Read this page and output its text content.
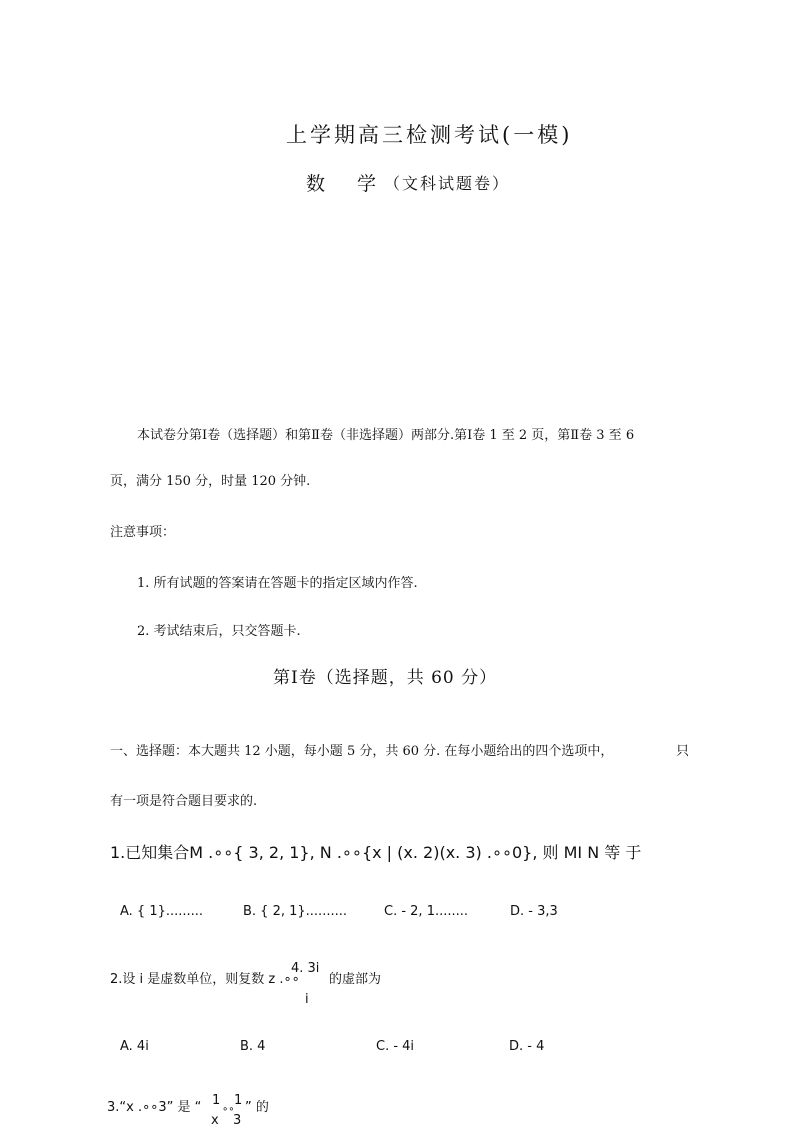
上学期高三检测考试(一模)
数 学 （文科试题卷）
本试卷分第Ⅰ卷（选择题）和第Ⅱ卷（非选择题）两部分.第Ⅰ卷 1 至 2 页，第Ⅱ卷 3 至 6
页，满分 150 分，时量 120 分钟.
注意事项：
1. 所有试题的答案请在答题卡的指定区域内作答.
2. 考试结束后，只交答题卡.
第Ⅰ卷（选择题，共 60 分）
一、选择题：本大题共 12 小题，每小题 5 分，共 60 分. 在每小题给出的四个选项中，	只
有一项是符合题目要求的.
1.已知集合M .∘∘{ 3, 2, 1}, N .∘∘{x | (x. 2)(x. 3) .∘∘0}, 则 MI N 等 于
A. { 1}.........	B. { 2, 1}..........	C. - 2, 1........	D. - 3,3
2.设 i 是虚数单位，则复数 z .∘∘
4. 3i
i
的虚部为
A. 4i	B. 4	C. - 4i	D. - 4
3.“x .∘∘3” 是 “ 1
x
∘∘
1
3
” 的
